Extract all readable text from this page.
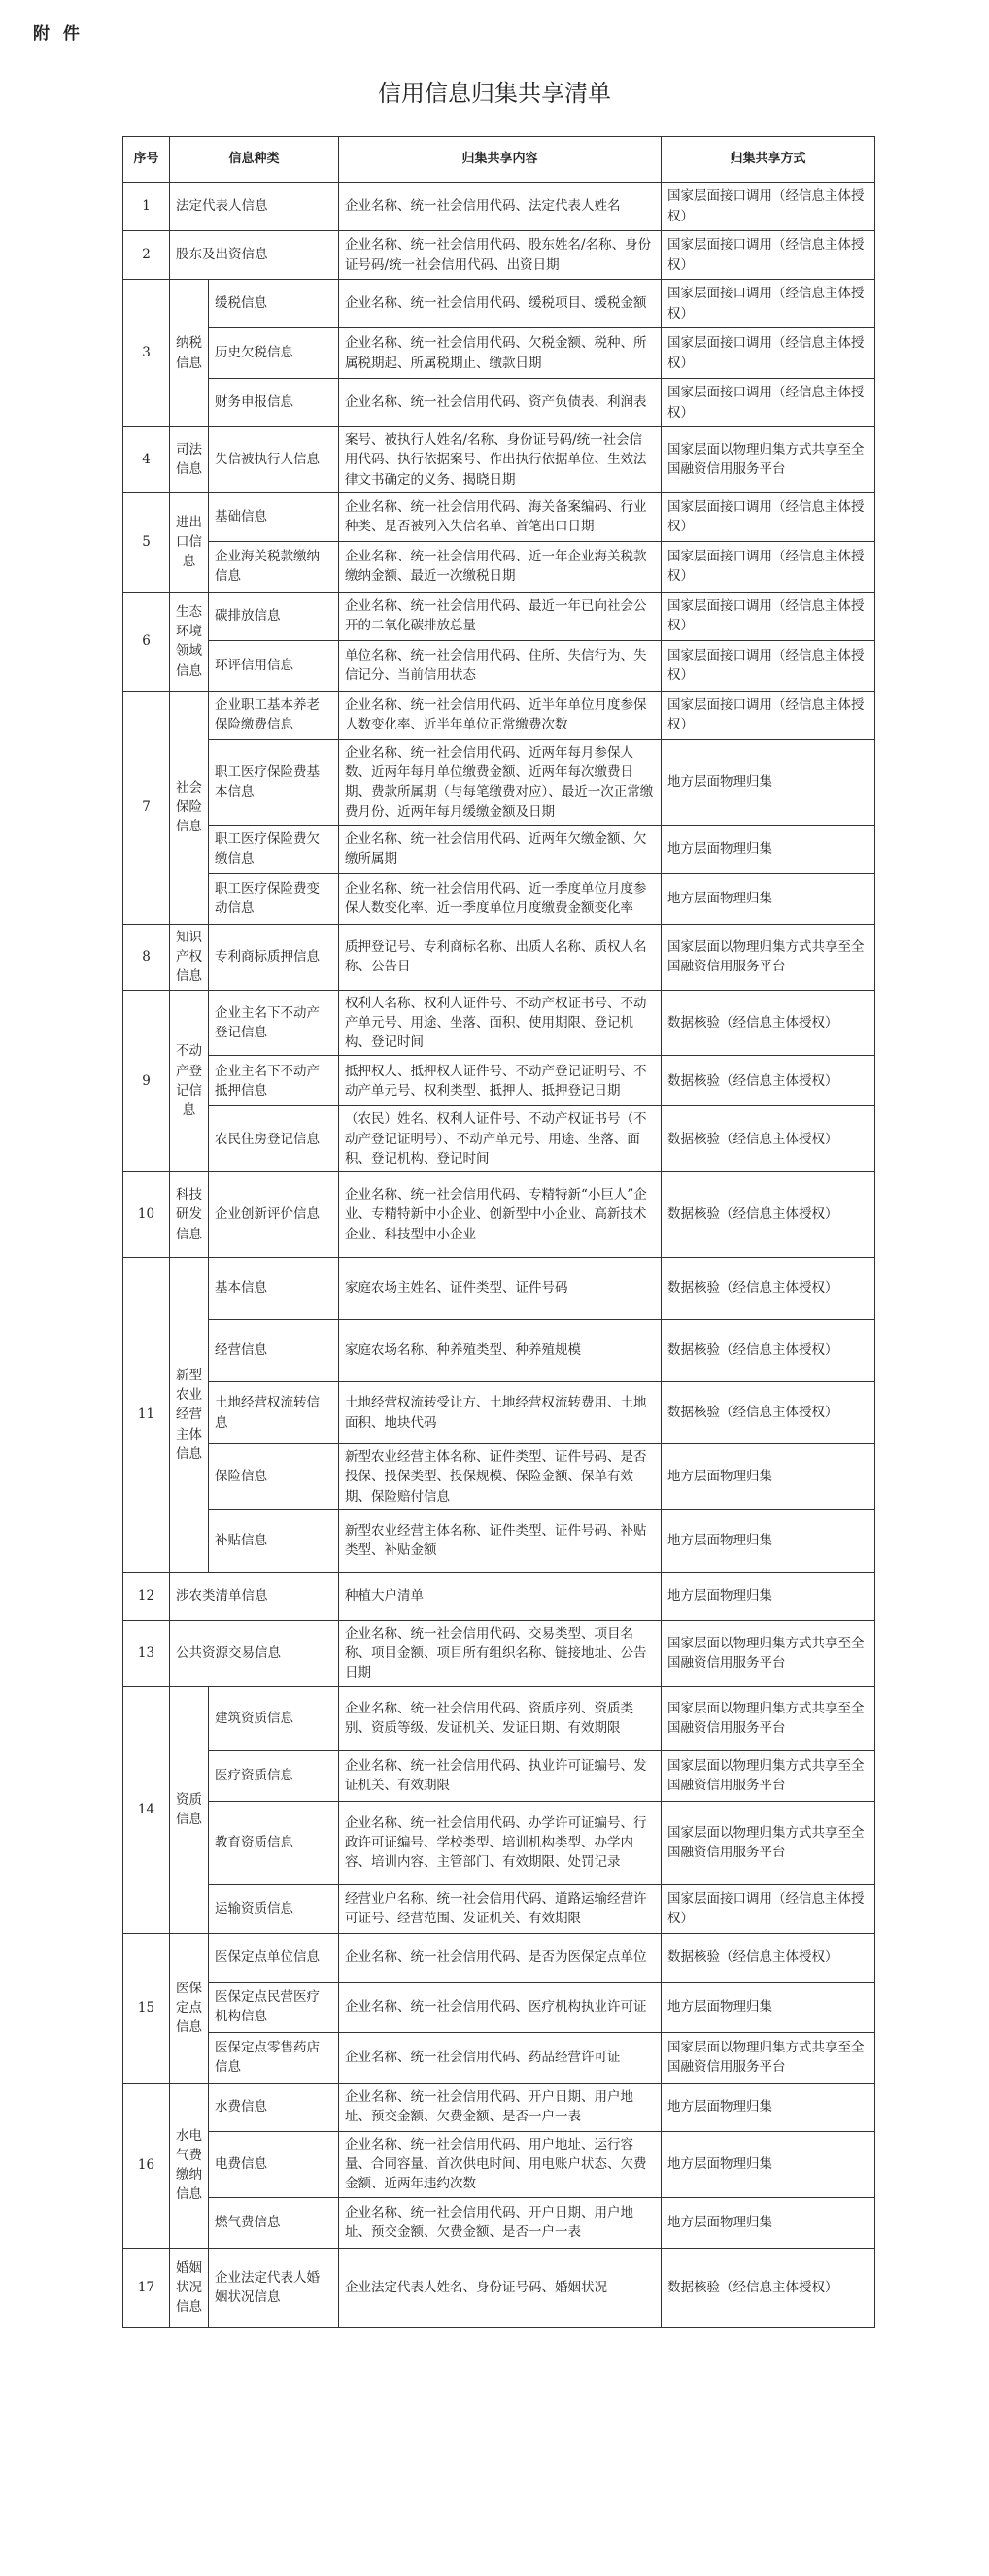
附 件
信用信息归集共享清单
序号	信息种类		归集共享内容	归集共享方式
1	法定代表人信息		企业名称、统一社会信用代码、法定代表人姓名	国家层面接口调用（经信息主体授权）
2	股东及出资信息		企业名称、统一社会信用代码、股东姓名/名称、身份证号码/统一社会信用代码、出资日期	国家层面接口调用（经信息主体授权）
3	纳税信息	缓税信息	企业名称、统一社会信用代码、缓税项目、缓税金额	国家层面接口调用（经信息主体授权）
		历史欠税信息	企业名称、统一社会信用代码、欠税金额、税种、所属税期起、所属税期止、缴款日期	国家层面接口调用（经信息主体授权）
		财务申报信息	企业名称、统一社会信用代码、资产负债表、利润表	国家层面接口调用（经信息主体授权）
4	司法信息	失信被执行人信息	案号、被执行人姓名/名称、身份证号码/统一社会信用代码、执行依据案号、作出执行依据单位、生效法律文书确定的义务、揭晓日期	国家层面以物理归集方式共享至全国融资信用服务平台
5	进出口信息	基础信息	企业名称、统一社会信用代码、海关备案编码、行业种类、是否被列入失信名单、首笔出口日期	国家层面接口调用（经信息主体授权）
		企业海关税款缴纳信息	企业名称、统一社会信用代码、近一年企业海关税款缴纳金额、最近一次缴税日期	国家层面接口调用（经信息主体授权）
6	生态环境领域信息	碳排放信息	企业名称、统一社会信用代码、最近一年已向社会公开的二氧化碳排放总量	国家层面接口调用（经信息主体授权）
		环评信用信息	单位名称、统一社会信用代码、住所、失信行为、失信记分、当前信用状态	国家层面接口调用（经信息主体授权）
7	社会保险信息	企业职工基本养老保险缴费信息	企业名称、统一社会信用代码、近半年单位月度参保人数变化率、近半年单位正常缴费次数	国家层面接口调用（经信息主体授权）
		职工医疗保险费基本信息	企业名称、统一社会信用代码、近两年每月参保人数、近两年每月单位缴费金额、近两年每次缴费日期、费款所属期（与每笔缴费对应）、最近一次正常缴费月份、近两年每月缓缴金额及日期	地方层面物理归集
		职工医疗保险费欠缴信息	企业名称、统一社会信用代码、近两年欠缴金额、欠缴所属期	地方层面物理归集
		职工医疗保险费变动信息	企业名称、统一社会信用代码、近一季度单位月度参保人数变化率、近一季度单位月度缴费金额变化率	地方层面物理归集
8	知识产权信息	专利商标质押信息	质押登记号、专利商标名称、出质人名称、质权人名称、公告日	国家层面以物理归集方式共享至全国融资信用服务平台
9	不动产登记信息	企业主名下不动产登记信息	权利人名称、权利人证件号、不动产权证书号、不动产单元号、用途、坐落、面积、使用期限、登记机构、登记时间	数据核验（经信息主体授权）
		企业主名下不动产抵押信息	抵押权人、抵押权人证件号、不动产登记证明号、不动产单元号、权利类型、抵押人、抵押登记日期	数据核验（经信息主体授权）
		农民住房登记信息	（农民）姓名、权利人证件号、不动产权证书号（不动产登记证明号）、不动产单元号、用途、坐落、面积、登记机构、登记时间	数据核验（经信息主体授权）
10	科技研发信息	企业创新评价信息	企业名称、统一社会信用代码、专精特新“小巨人”企业、专精特新中小企业、创新型中小企业、高新技术企业、科技型中小企业	数据核验（经信息主体授权）
11	新型农业经营主体信息	基本信息	家庭农场主姓名、证件类型、证件号码	数据核验（经信息主体授权）
		经营信息	家庭农场名称、种养殖类型、种养殖规模	数据核验（经信息主体授权）
		土地经营权流转信息	土地经营权流转受让方、土地经营权流转费用、土地面积、地块代码	数据核验（经信息主体授权）
		保险信息	新型农业经营主体名称、证件类型、证件号码、是否投保、投保类型、投保规模、保险金额、保单有效期、保险赔付信息	地方层面物理归集
		补贴信息	新型农业经营主体名称、证件类型、证件号码、补贴类型、补贴金额	地方层面物理归集
12	涉农类清单信息		种植大户清单	地方层面物理归集
13	公共资源交易信息		企业名称、统一社会信用代码、交易类型、项目名称、项目金额、项目所有组织名称、链接地址、公告日期	国家层面以物理归集方式共享至全国融资信用服务平台
14	资质信息	建筑资质信息	企业名称、统一社会信用代码、资质序列、资质类别、资质等级、发证机关、发证日期、有效期限	国家层面以物理归集方式共享至全国融资信用服务平台
		医疗资质信息	企业名称、统一社会信用代码、执业许可证编号、发证机关、有效期限	国家层面以物理归集方式共享至全国融资信用服务平台
		教育资质信息	企业名称、统一社会信用代码、办学许可证编号、行政许可证编号、学校类型、培训机构类型、办学内容、培训内容、主管部门、有效期限、处罚记录	国家层面以物理归集方式共享至全国融资信用服务平台
		运输资质信息	经营业户名称、统一社会信用代码、道路运输经营许可证号、经营范围、发证机关、有效期限	国家层面接口调用（经信息主体授权）
15	医保定点信息	医保定点单位信息	企业名称、统一社会信用代码、是否为医保定点单位	数据核验（经信息主体授权）
		医保定点民营医疗机构信息	企业名称、统一社会信用代码、医疗机构执业许可证	地方层面物理归集
		医保定点零售药店信息	企业名称、统一社会信用代码、药品经营许可证	国家层面以物理归集方式共享至全国融资信用服务平台
16	水电气费缴纳信息	水费信息	企业名称、统一社会信用代码、开户日期、用户地址、预交金额、欠费金额、是否一户一表	地方层面物理归集
		电费信息	企业名称、统一社会信用代码、用户地址、运行容量、合同容量、首次供电时间、用电账户状态、欠费金额、近两年违约次数	地方层面物理归集
		燃气费信息	企业名称、统一社会信用代码、开户日期、用户地址、预交金额、欠费金额、是否一户一表	地方层面物理归集
17	婚姻状况信息	企业法定代表人婚姻状况信息	企业法定代表人姓名、身份证号码、婚姻状况	数据核验（经信息主体授权）
